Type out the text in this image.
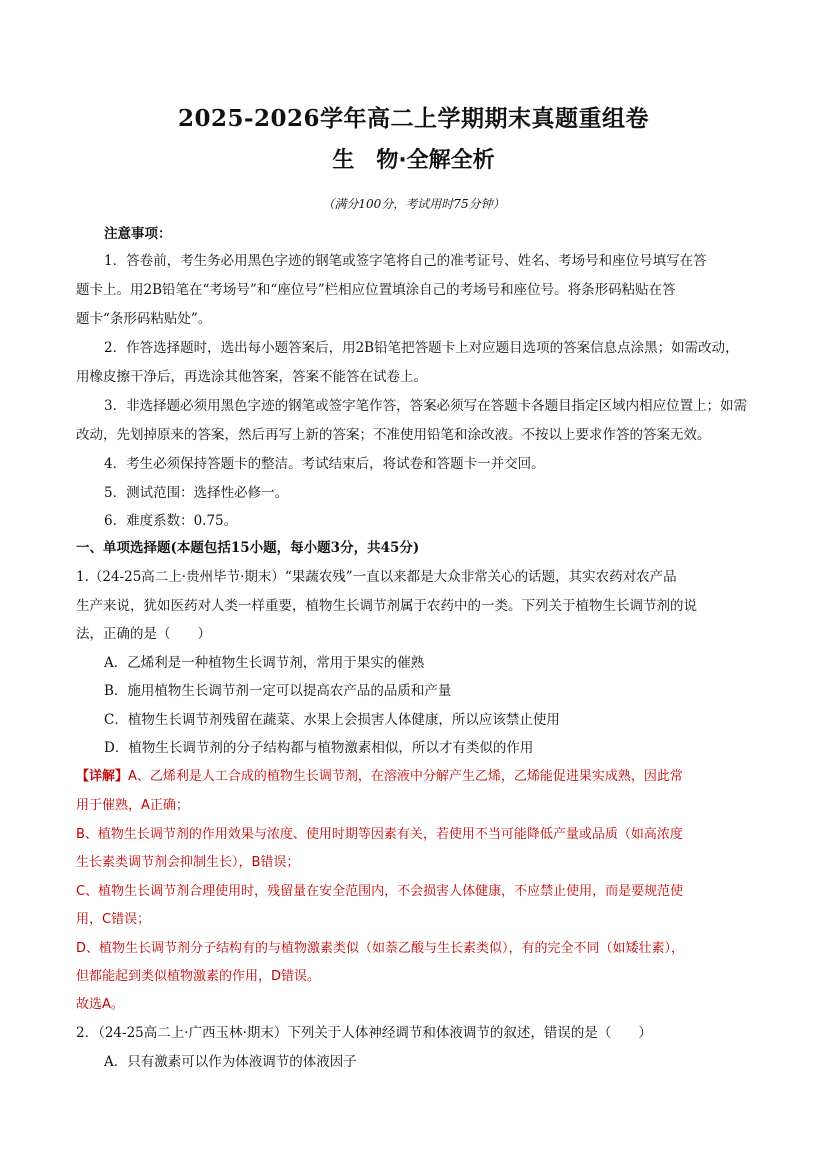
2025-2026学年高二上学期期末真题重组卷
生　物·全解全析
（满分100分，考试用时75分钟）
注意事项：
1．答卷前，考生务必用黑色字迹的钢笔或签字笔将自己的准考证号、姓名、考场号和座位号填写在答
题卡上。用2B铅笔在“考场号”和“座位号”栏相应位置填涂自己的考场号和座位号。将条形码粘贴在答
题卡“条形码粘贴处”。
2．作答选择题时，选出每小题答案后，用2B铅笔把答题卡上对应题目选项的答案信息点涂黑；如需改动，
用橡皮擦干净后，再选涂其他答案，答案不能答在试卷上。
3．非选择题必须用黑色字迹的钢笔或签字笔作答，答案必须写在答题卡各题目指定区域内相应位置上；如需
改动，先划掉原来的答案，然后再写上新的答案；不准使用铅笔和涂改液。不按以上要求作答的答案无效。
4．考生必须保持答题卡的整洁。考试结束后，将试卷和答题卡一并交回。
5．测试范围：选择性必修一。
6．难度系数：0.75。
一、单项选择题(本题包括15小题，每小题3分，共45分)
1.（24-25高二上·贵州毕节·期末）“果蔬农残”一直以来都是大众非常关心的话题，其实农药对农产品
生产来说，犹如医药对人类一样重要，植物生长调节剂属于农药中的一类。下列关于植物生长调节剂的说
法，正确的是（　　）
A．乙烯利是一种植物生长调节剂，常用于果实的催熟
B．施用植物生长调节剂一定可以提高农产品的品质和产量
C．植物生长调节剂残留在蔬菜、水果上会损害人体健康，所以应该禁止使用
D．植物生长调节剂的分子结构都与植物激素相似，所以才有类似的作用
【详解】A、乙烯利是人工合成的植物生长调节剂，在溶液中分解产生乙烯，乙烯能促进果实成熟，因此常
用于催熟，A正确；
B、植物生长调节剂的作用效果与浓度、使用时期等因素有关，若使用不当可能降低产量或品质（如高浓度
生长素类调节剂会抑制生长），B错误；
C、植物生长调节剂合理使用时，残留量在安全范围内，不会损害人体健康，不应禁止使用，而是要规范使
用，C错误；
D、植物生长调节剂分子结构有的与植物激素类似（如萘乙酸与生长素类似），有的完全不同（如矮壮素），
但都能起到类似植物激素的作用，D错误。
故选A。
2．（24-25高二上·广西玉林·期末）下列关于人体神经调节和体液调节的叙述，错误的是（　　）
A．只有激素可以作为体液调节的体液因子
